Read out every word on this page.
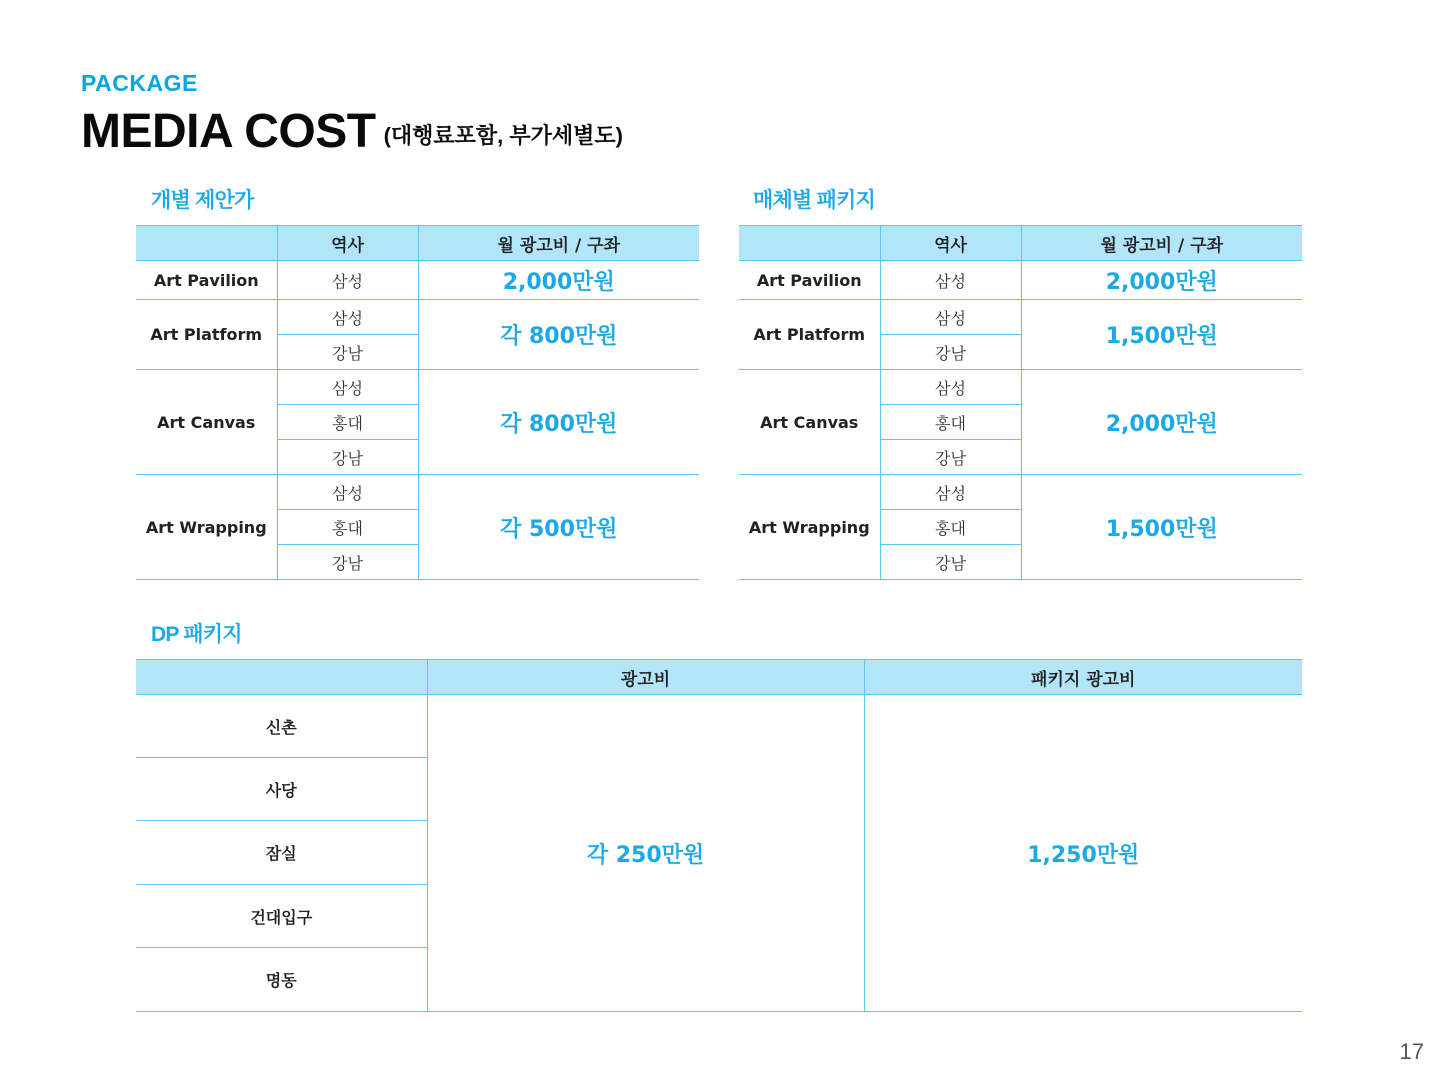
PACKAGE
MEDIA COST (대행료포함, 부가세별도)
개별 제안가
	역사	월 광고비 / 구좌
Art Pavilion	삼성	2,000만원
Art Platform	삼성	각 800만원
	강남	
Art Canvas	삼성	각 800만원
	홍대	
	강남	
Art Wrapping	삼성	각 500만원
	홍대	
	강남	
매체별 패키지
	역사	월 광고비 / 구좌
Art Pavilion	삼성	2,000만원
Art Platform	삼성	1,500만원
	강남	
Art Canvas	삼성	2,000만원
	홍대	
	강남	
Art Wrapping	삼성	1,500만원
	홍대	
	강남	
DP 패키지
	광고비	패키지 광고비
신촌	각 250만원	1,250만원
사당		
잠실		
건대입구		
명동		
17
